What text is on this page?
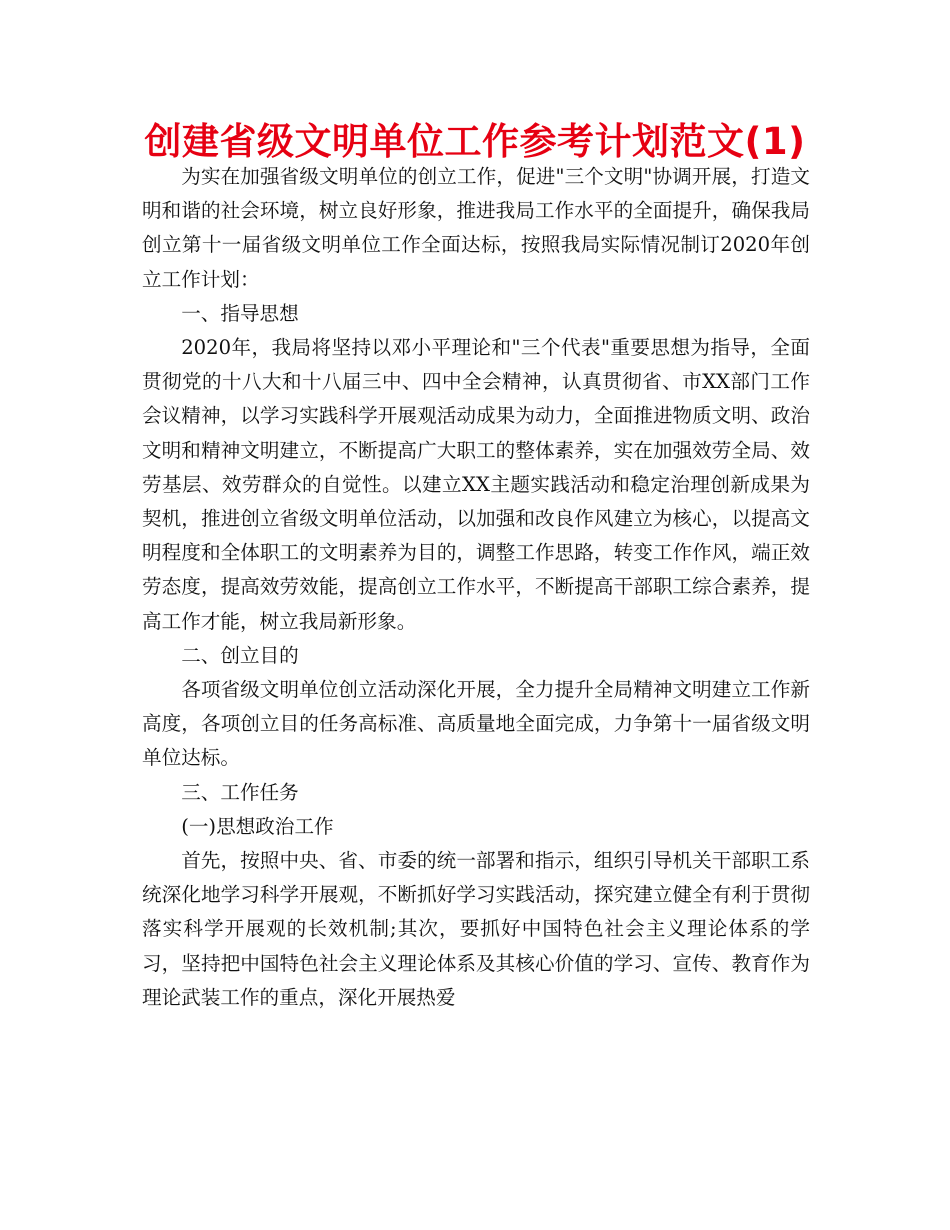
创建省级文明单位工作参考计划范文(1)

为实在加强省级文明单位的创立工作，促进"三个文明"协调开展，打造文明和谐的社会环境，树立良好形象，推进我局工作水平的全面提升，确保我局创立第十一届省级文明单位工作全面达标，按照我局实际情况制订2020年创立工作计划：

一、指导思想

2020年，我局将坚持以邓小平理论和"三个代表"重要思想为指导，全面贯彻党的十八大和十八届三中、四中全会精神，认真贯彻省、市XX部门工作会议精神，以学习实践科学开展观活动成果为动力，全面推进物质文明、政治文明和精神文明建立，不断提高广大职工的整体素养，实在加强效劳全局、效劳基层、效劳群众的自觉性。以建立XX主题实践活动和稳定治理创新成果为契机，推进创立省级文明单位活动，以加强和改良作风建立为核心，以提高文明程度和全体职工的文明素养为目的，调整工作思路，转变工作作风，端正效劳态度，提高效劳效能，提高创立工作水平，不断提高干部职工综合素养，提高工作才能，树立我局新形象。

二、创立目的

各项省级文明单位创立活动深化开展，全力提升全局精神文明建立工作新高度，各项创立目的任务高标准、高质量地全面完成，力争第十一届省级文明单位达标。

三、工作任务

(一)思想政治工作

首先，按照中央、省、市委的统一部署和指示，组织引导机关干部职工系统深化地学习科学开展观，不断抓好学习实践活动，探究建立健全有利于贯彻落实科学开展观的长效机制;其次，要抓好中国特色社会主义理论体系的学习，坚持把中国特色社会主义理论体系及其核心价值的学习、宣传、教育作为理论武装工作的重点，深化开展热爱
